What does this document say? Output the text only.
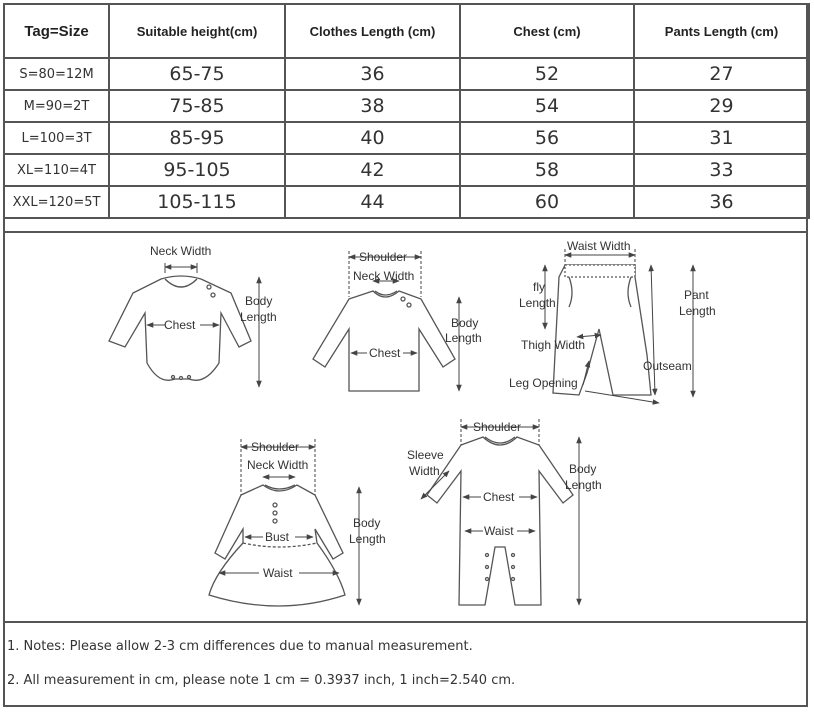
Tag=Size	Suitable height(cm)	Clothes Length (cm)	Chest (cm)	Pants Length (cm)
S=80=12M	65-75	36	52	27
M=90=2T	75-85	38	54	29
L=100=3T	85-95	40	56	31
XL=110=4T	95-105	42	58	33
XXL=120=5T	105-115	44	60	36
Neck Width
Chest
Body
Length
Shoulder
Neck Width
Chest
Body
Length
Waist Width
fly
Length
Thigh Width
Outseam
Leg Opening
Pant
Length
Shoulder
Neck Width
Bust
Waist
Body
Length
Shoulder
Sleeve
Width
Chest
Waist
Body
Length
1. Notes: Please allow 2-3 cm differences due to manual measurement.
2. All measurement in cm, please note 1 cm = 0.3937 inch, 1 inch=2.540 cm.
